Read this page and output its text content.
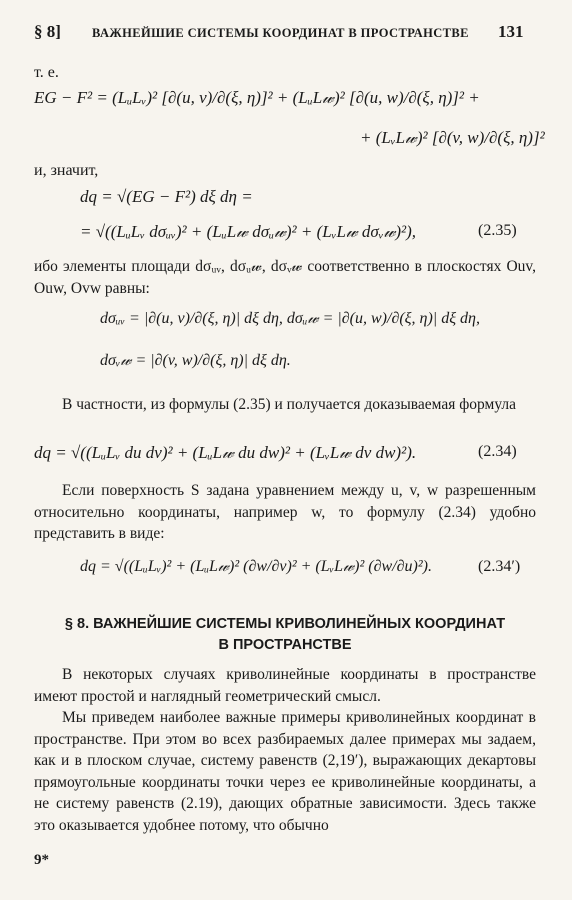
§ 8] ВАЖНЕЙШИЕ СИСТЕМЫ КООРДИНАТ В ПРОСТРАНСТВЕ 131
т. е.
EG − F² = (LᵤLᵥ)² [∂(u, v)/∂(ξ, η)]² + (LᵤL𝓌)² [∂(u, w)/∂(ξ, η)]² +
+ (LᵥL𝓌)² [∂(v, w)/∂(ξ, η)]²
и, значит,
dq = √(EG − F²) dξ dη =
= √((LᵤLᵥ dσᵤᵥ)² + (LᵤL𝓌 dσᵤ𝓌)² + (LᵥL𝓌 dσᵥ𝓌)²),	(2.35)
ибо элементы площади dσᵤᵥ, dσᵤ𝓌, dσᵥ𝓌 соответственно в плоскостях Ouv, Ouw, Ovw равны:
dσᵤᵥ = |∂(u, v)/∂(ξ, η)| dξ dη, dσᵤ𝓌 = |∂(u, w)/∂(ξ, η)| dξ dη,
dσᵥ𝓌 = |∂(v, w)/∂(ξ, η)| dξ dη.
В частности, из формулы (2.35) и получается доказываемая формула
dq = √((LᵤLᵥ du dv)² + (LᵤL𝓌 du dw)² + (LᵥL𝓌 dv dw)²).	(2.34)
Если поверхность S задана уравнением между u, v, w разрешенным относительно координаты, например w, то формулу (2.34) удобно представить в виде:
dq = √((LᵤLᵥ)² + (LᵤL𝓌)² (∂w/∂v)² + (LᵥL𝓌)² (∂w/∂u)²).	(2.34′)
§ 8. ВАЖНЕЙШИЕ СИСТЕМЫ КРИВОЛИНЕЙНЫХ КООРДИНАТ
В ПРОСТРАНСТВЕ
В некоторых случаях криволинейные координаты в пространстве имеют простой и наглядный геометрический смысл.
Мы приведем наиболее важные примеры криволинейных координат в пространстве. При этом во всех разбираемых далее примерах мы задаем, как и в плоском случае, систему равенств (2,19′), выражающих декартовы прямоугольные координаты точки через ее криволинейные координаты, а не систему равенств (2.19), дающих обратные зависимости. Здесь также это оказывается удобнее потому, что обычно
9*
